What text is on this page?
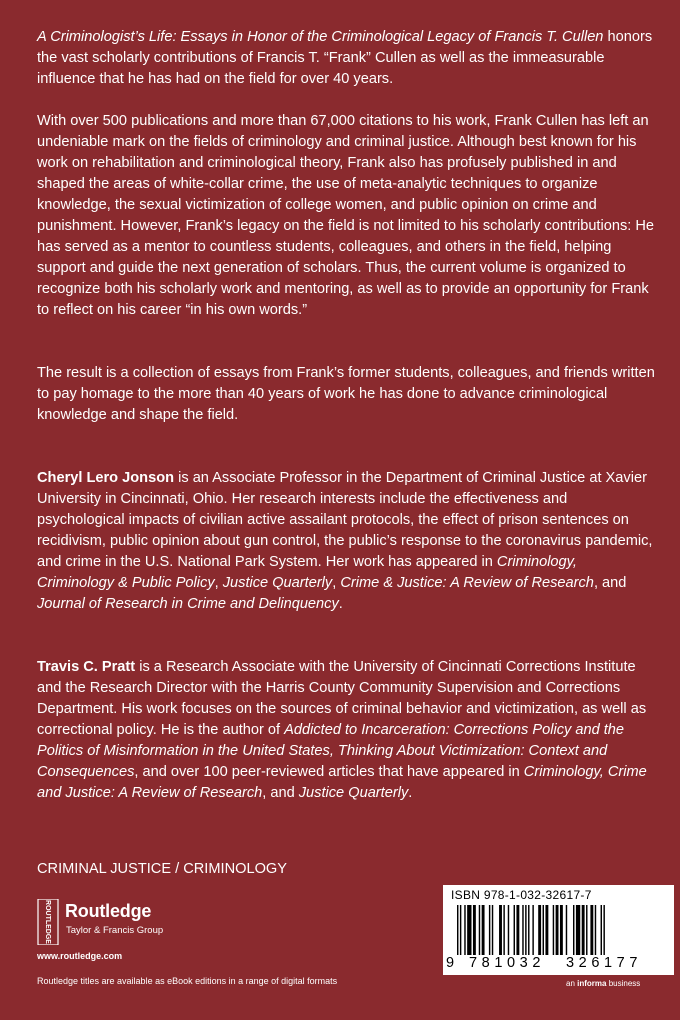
A Criminologist’s Life: Essays in Honor of the Criminological Legacy of Francis T. Cullen honors the vast scholarly contributions of Francis T. “Frank” Cullen as well as the immeasurable influence that he has had on the field for over 40 years.

With over 500 publications and more than 67,000 citations to his work, Frank Cullen has left an undeniable mark on the fields of criminology and criminal justice. Although best known for his work on rehabilitation and criminological theory, Frank also has profusely published in and shaped the areas of white-collar crime, the use of meta-analytic techniques to organize knowledge, the sexual victimization of college women, and public opinion on crime and punishment. However, Frank’s legacy on the field is not limited to his scholarly contributions: He has served as a mentor to countless students, colleagues, and others in the field, helping support and guide the next generation of scholars. Thus, the current volume is organized to recognize both his scholarly work and mentoring, as well as to provide an opportunity for Frank to reflect on his career “in his own words.”

The result is a collection of essays from Frank’s former students, colleagues, and friends written to pay homage to the more than 40 years of work he has done to advance criminological knowledge and shape the field.

Cheryl Lero Jonson is an Associate Professor in the Department of Criminal Justice at Xavier University in Cincinnati, Ohio. Her research interests include the effectiveness and psychological impacts of civilian active assailant protocols, the effect of prison sentences on recidivism, public opinion about gun control, the public’s response to the coronavirus pandemic, and crime in the U.S. National Park System. Her work has appeared in Criminology, Criminology & Public Policy, Justice Quarterly, Crime & Justice: A Review of Research, and Journal of Research in Crime and Delinquency.

Travis C. Pratt is a Research Associate with the University of Cincinnati Corrections Institute and the Research Director with the Harris County Community Supervision and Corrections Department. His work focuses on the sources of criminal behavior and victimization, as well as correctional policy. He is the author of Addicted to Incarceration: Corrections Policy and the Politics of Misinformation in the United States, Thinking About Victimization: Context and Consequences, and over 100 peer-reviewed articles that have appeared in Criminology, Crime and Justice: A Review of Research, and Justice Quarterly.

CRIMINAL JUSTICE / CRIMINOLOGY
ROUTLEDGE Routledge
Taylor & Francis Group
www.routledge.com
Routledge titles are available as eBook editions in a range of digital formats
ISBN 978-1-032-32617-7
9 781032 326177
an informa business
